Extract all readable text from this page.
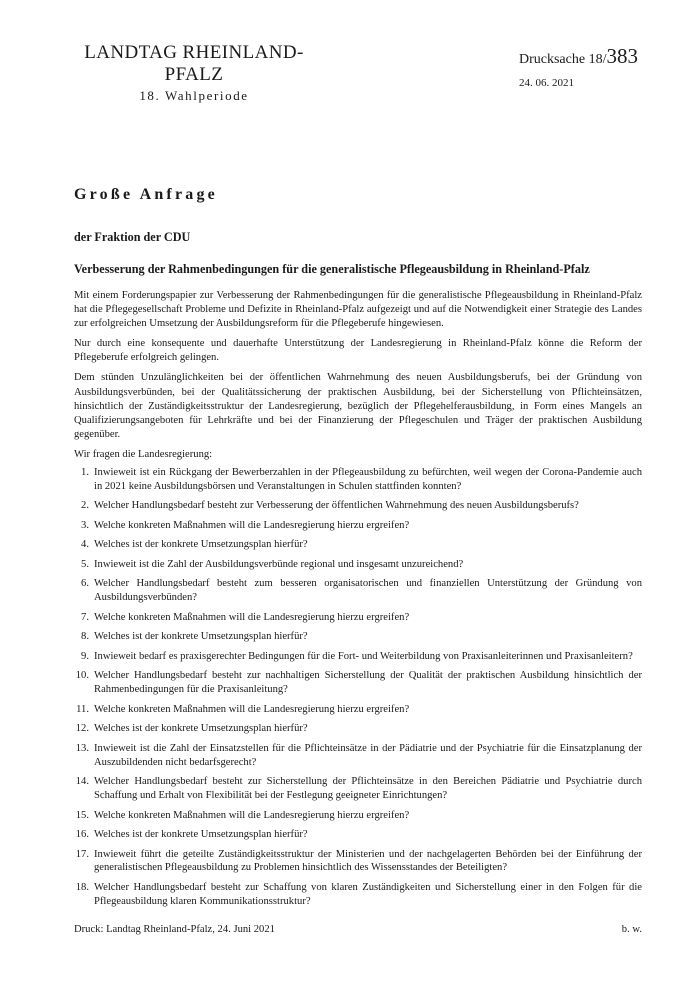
LANDTAG RHEINLAND-PFALZ
18. Wahlperiode
Drucksache 18/383
24. 06. 2021
Große Anfrage
der Fraktion der CDU
Verbesserung der Rahmenbedingungen für die generalistische Pflegeausbildung in Rheinland-Pfalz

Mit einem Forderungspapier zur Verbesserung der Rahmenbedingungen für die generalistische Pflegeausbildung in Rheinland-Pfalz hat die Pflegegesellschaft Probleme und Defizite in Rheinland-Pfalz aufgezeigt und auf die Notwendigkeit einer Strategie des Landes zur erfolgreichen Umsetzung der Ausbildungsreform für die Pflegeberufe hingewiesen.

Nur durch eine konsequente und dauerhafte Unterstützung der Landesregierung in Rheinland-Pfalz könne die Reform der Pflegeberufe erfolgreich gelingen.

Dem stünden Unzulänglichkeiten bei der öffentlichen Wahrnehmung des neuen Ausbildungsberufs, bei der Gründung von Ausbildungsverbünden, bei der Qualitätssicherung der praktischen Ausbildung, bei der Sicherstellung von Pflichteinsätzen, hinsichtlich der Zuständigkeitsstruktur der Landesregierung, bezüglich der Pflegehelferausbildung, in Form eines Mangels an Qualifizierungsangeboten für Lehrkräfte und bei der Finanzierung der Pflegeschulen und Träger der praktischen Ausbildung gegenüber.

Wir fragen die Landesregierung:

1. Inwieweit ist ein Rückgang der Bewerberzahlen in der Pflegeausbildung zu befürchten, weil wegen der Corona-Pandemie auch in 2021 keine Ausbildungsbörsen und Veranstaltungen in Schulen stattfinden konnten?
2. Welcher Handlungsbedarf besteht zur Verbesserung der öffentlichen Wahrnehmung des neuen Ausbildungsberufs?
3. Welche konkreten Maßnahmen will die Landesregierung hierzu ergreifen?
4. Welches ist der konkrete Umsetzungsplan hierfür?
5. Inwieweit ist die Zahl der Ausbildungsverbünde regional und insgesamt unzureichend?
6. Welcher Handlungsbedarf besteht zum besseren organisatorischen und finanziellen Unterstützung der Gründung von Ausbildungsverbünden?
7. Welche konkreten Maßnahmen will die Landesregierung hierzu ergreifen?
8. Welches ist der konkrete Umsetzungsplan hierfür?
9. Inwieweit bedarf es praxisgerechter Bedingungen für die Fort- und Weiterbildung von Praxisanleiterinnen und Praxisanleitern?
10. Welcher Handlungsbedarf besteht zur nachhaltigen Sicherstellung der Qualität der praktischen Ausbildung hinsichtlich der Rahmenbedingungen für die Praxisanleitung?
11. Welche konkreten Maßnahmen will die Landesregierung hierzu ergreifen?
12. Welches ist der konkrete Umsetzungsplan hierfür?
13. Inwieweit ist die Zahl der Einsatzstellen für die Pflichteinsätze in der Pädiatrie und der Psychiatrie für die Einsatzplanung der Auszubildenden nicht bedarfsgerecht?
14. Welcher Handlungsbedarf besteht zur Sicherstellung der Pflichteinsätze in den Bereichen Pädiatrie und Psychiatrie durch Schaffung und Erhalt von Flexibilität bei der Festlegung geeigneter Einrichtungen?
15. Welche konkreten Maßnahmen will die Landesregierung hierzu ergreifen?
16. Welches ist der konkrete Umsetzungsplan hierfür?
17. Inwieweit führt die geteilte Zuständigkeitsstruktur der Ministerien und der nachgelagerten Behörden bei der Einführung der generalistischen Pflegeausbildung zu Problemen hinsichtlich des Wissensstandes der Beteiligten?
18. Welcher Handlungsbedarf besteht zur Schaffung von klaren Zuständigkeiten und Sicherstellung einer in den Folgen für die Pflegeausbildung klaren Kommunikationsstruktur?
Druck: Landtag Rheinland-Pfalz, 24. Juni 2021	b. w.
